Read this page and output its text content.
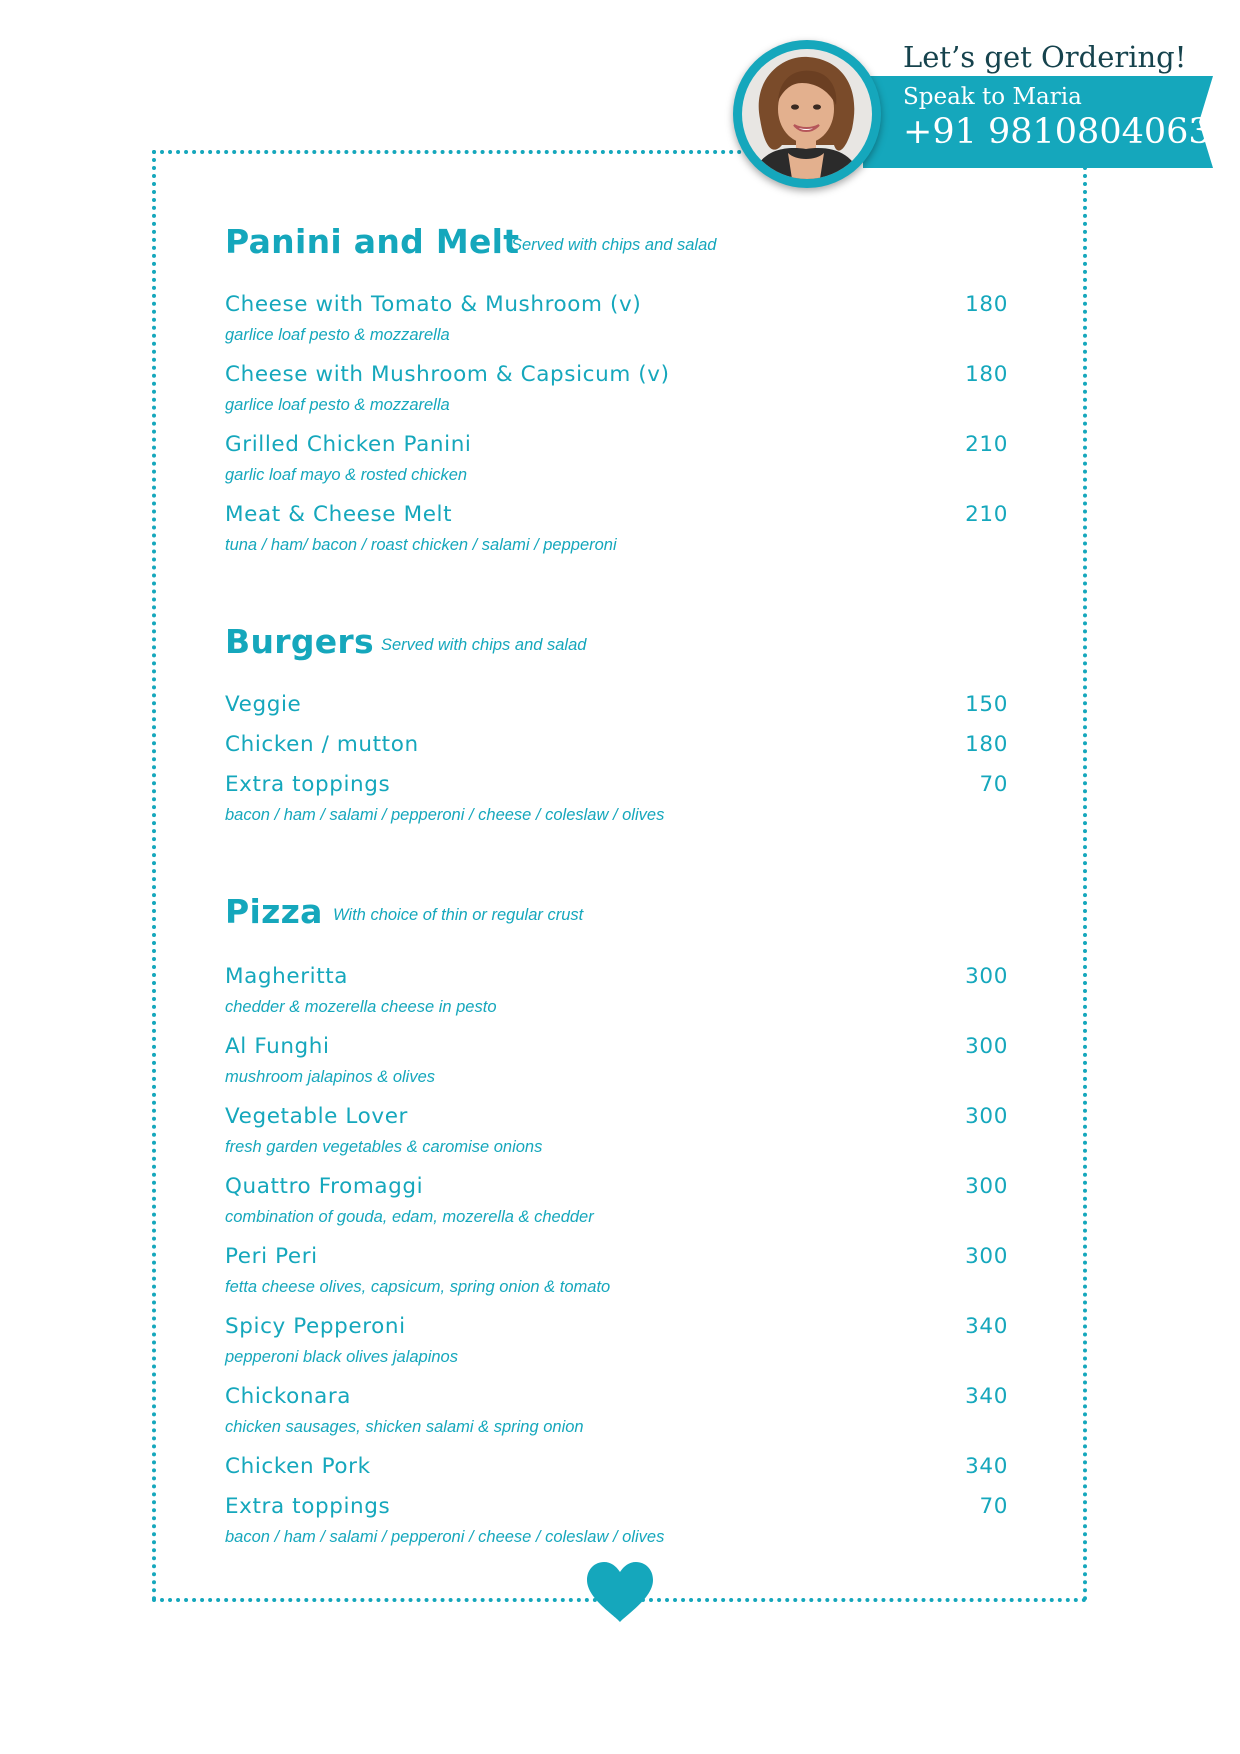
Let’s get Ordering!
Speak to Maria
+91 9810804063
Panini and Melt
Served with chips and salad
Cheese with Tomato & Mushroom (v)	180
garlice loaf pesto & mozzarella
Cheese with Mushroom & Capsicum (v)	180
garlice loaf pesto & mozzarella
Grilled Chicken Panini	210
garlic loaf mayo & rosted chicken
Meat & Cheese Melt	210
tuna / ham/ bacon / roast chicken / salami / pepperoni
Burgers Served with chips and salad
Veggie	150
Chicken / mutton	180
Extra toppings	70
bacon / ham / salami / pepperoni / cheese / coleslaw / olives
Pizza With choice of thin or regular crust
Magheritta	300
chedder & mozerella cheese in pesto
Al Funghi	300
mushroom jalapinos & olives
Vegetable Lover	300
fresh garden vegetables & caromise onions
Quattro Fromaggi	300
combination of gouda, edam, mozerella & chedder
Peri Peri	300
fetta cheese olives, capsicum, spring onion & tomato
Spicy Pepperoni	340
pepperoni black olives jalapinos
Chickonara	340
chicken sausages, shicken salami & spring onion
Chicken Pork	340
Extra toppings	70
bacon / ham / salami / pepperoni / cheese / coleslaw / olives
